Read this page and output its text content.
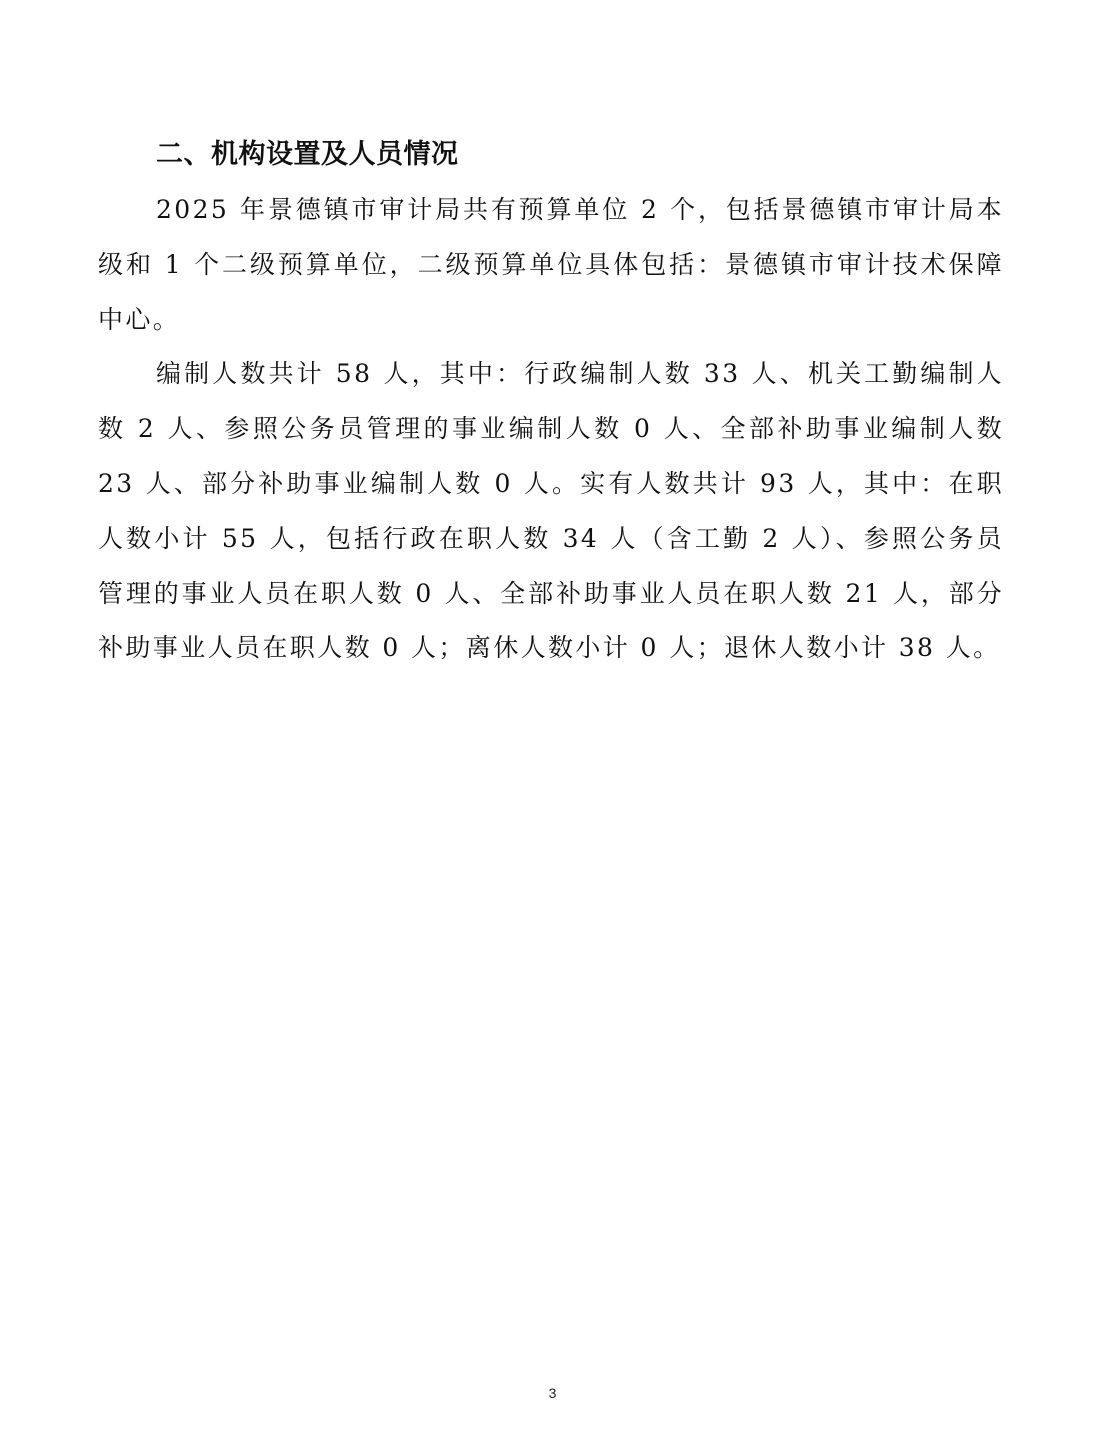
二、机构设置及人员情况

2025 年景德镇市审计局共有预算单位 2 个，包括景德镇市审计局本级和 1 个二级预算单位，二级预算单位具体包括：景德镇市审计技术保障中心。

编制人数共计 58 人，其中：行政编制人数 33 人、机关工勤编制人数 2 人、参照公务员管理的事业编制人数 0 人、全部补助事业编制人数 23 人、部分补助事业编制人数 0 人。实有人数共计 93 人，其中：在职人数小计 55 人，包括行政在职人数 34 人（含工勤 2 人）、参照公务员管理的事业人员在职人数 0 人、全部补助事业人员在职人数 21 人，部分补助事业人员在职人数 0 人；离休人数小计 0 人；退休人数小计 38 人。

3
